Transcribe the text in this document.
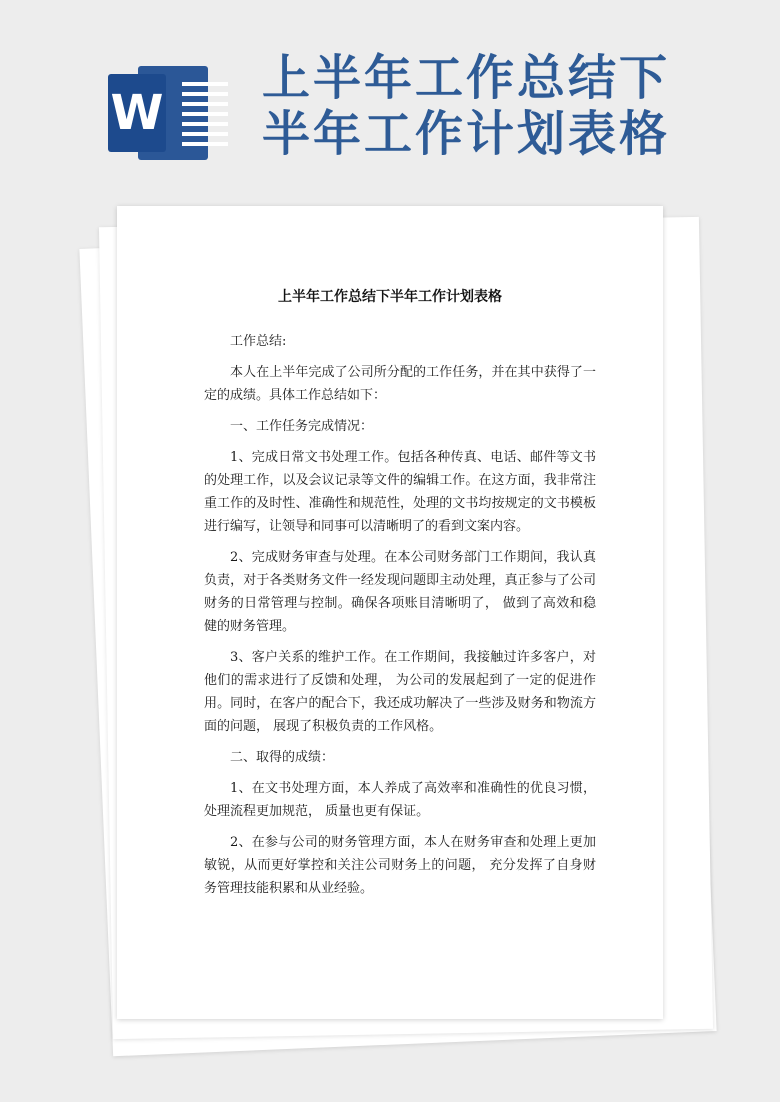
W
上半年工作总结下半年工作计划表格
上半年工作总结下半年工作计划表格

工作总结:

本人在上半年完成了公司所分配的工作任务，并在其中获得了一定的成绩。具体工作总结如下：

一、工作任务完成情况：

1、完成日常文书处理工作。包括各种传真、电话、邮件等文书的处理工作，以及会议记录等文件的编辑工作。在这方面，我非常注重工作的及时性、准确性和规范性，处理的文书均按规定的文书模板进行编写，让领导和同事可以清晰明了的看到文案内容。

2、完成财务审查与处理。在本公司财务部门工作期间，我认真负责，对于各类财务文件一经发现问题即主动处理，真正参与了公司财务的日常管理与控制。确保各项账目清晰明了， 做到了高效和稳健的财务管理。

3、客户关系的维护工作。在工作期间，我接触过许多客户，对他们的需求进行了反馈和处理， 为公司的发展起到了一定的促进作用。同时，在客户的配合下，我还成功解决了一些涉及财务和物流方面的问题， 展现了积极负责的工作风格。

二、取得的成绩：

1、在文书处理方面，本人养成了高效率和准确性的优良习惯，处理流程更加规范， 质量也更有保证。

2、在参与公司的财务管理方面，本人在财务审查和处理上更加敏锐，从而更好掌控和关注公司财务上的问题， 充分发挥了自身财务管理技能积累和从业经验。
